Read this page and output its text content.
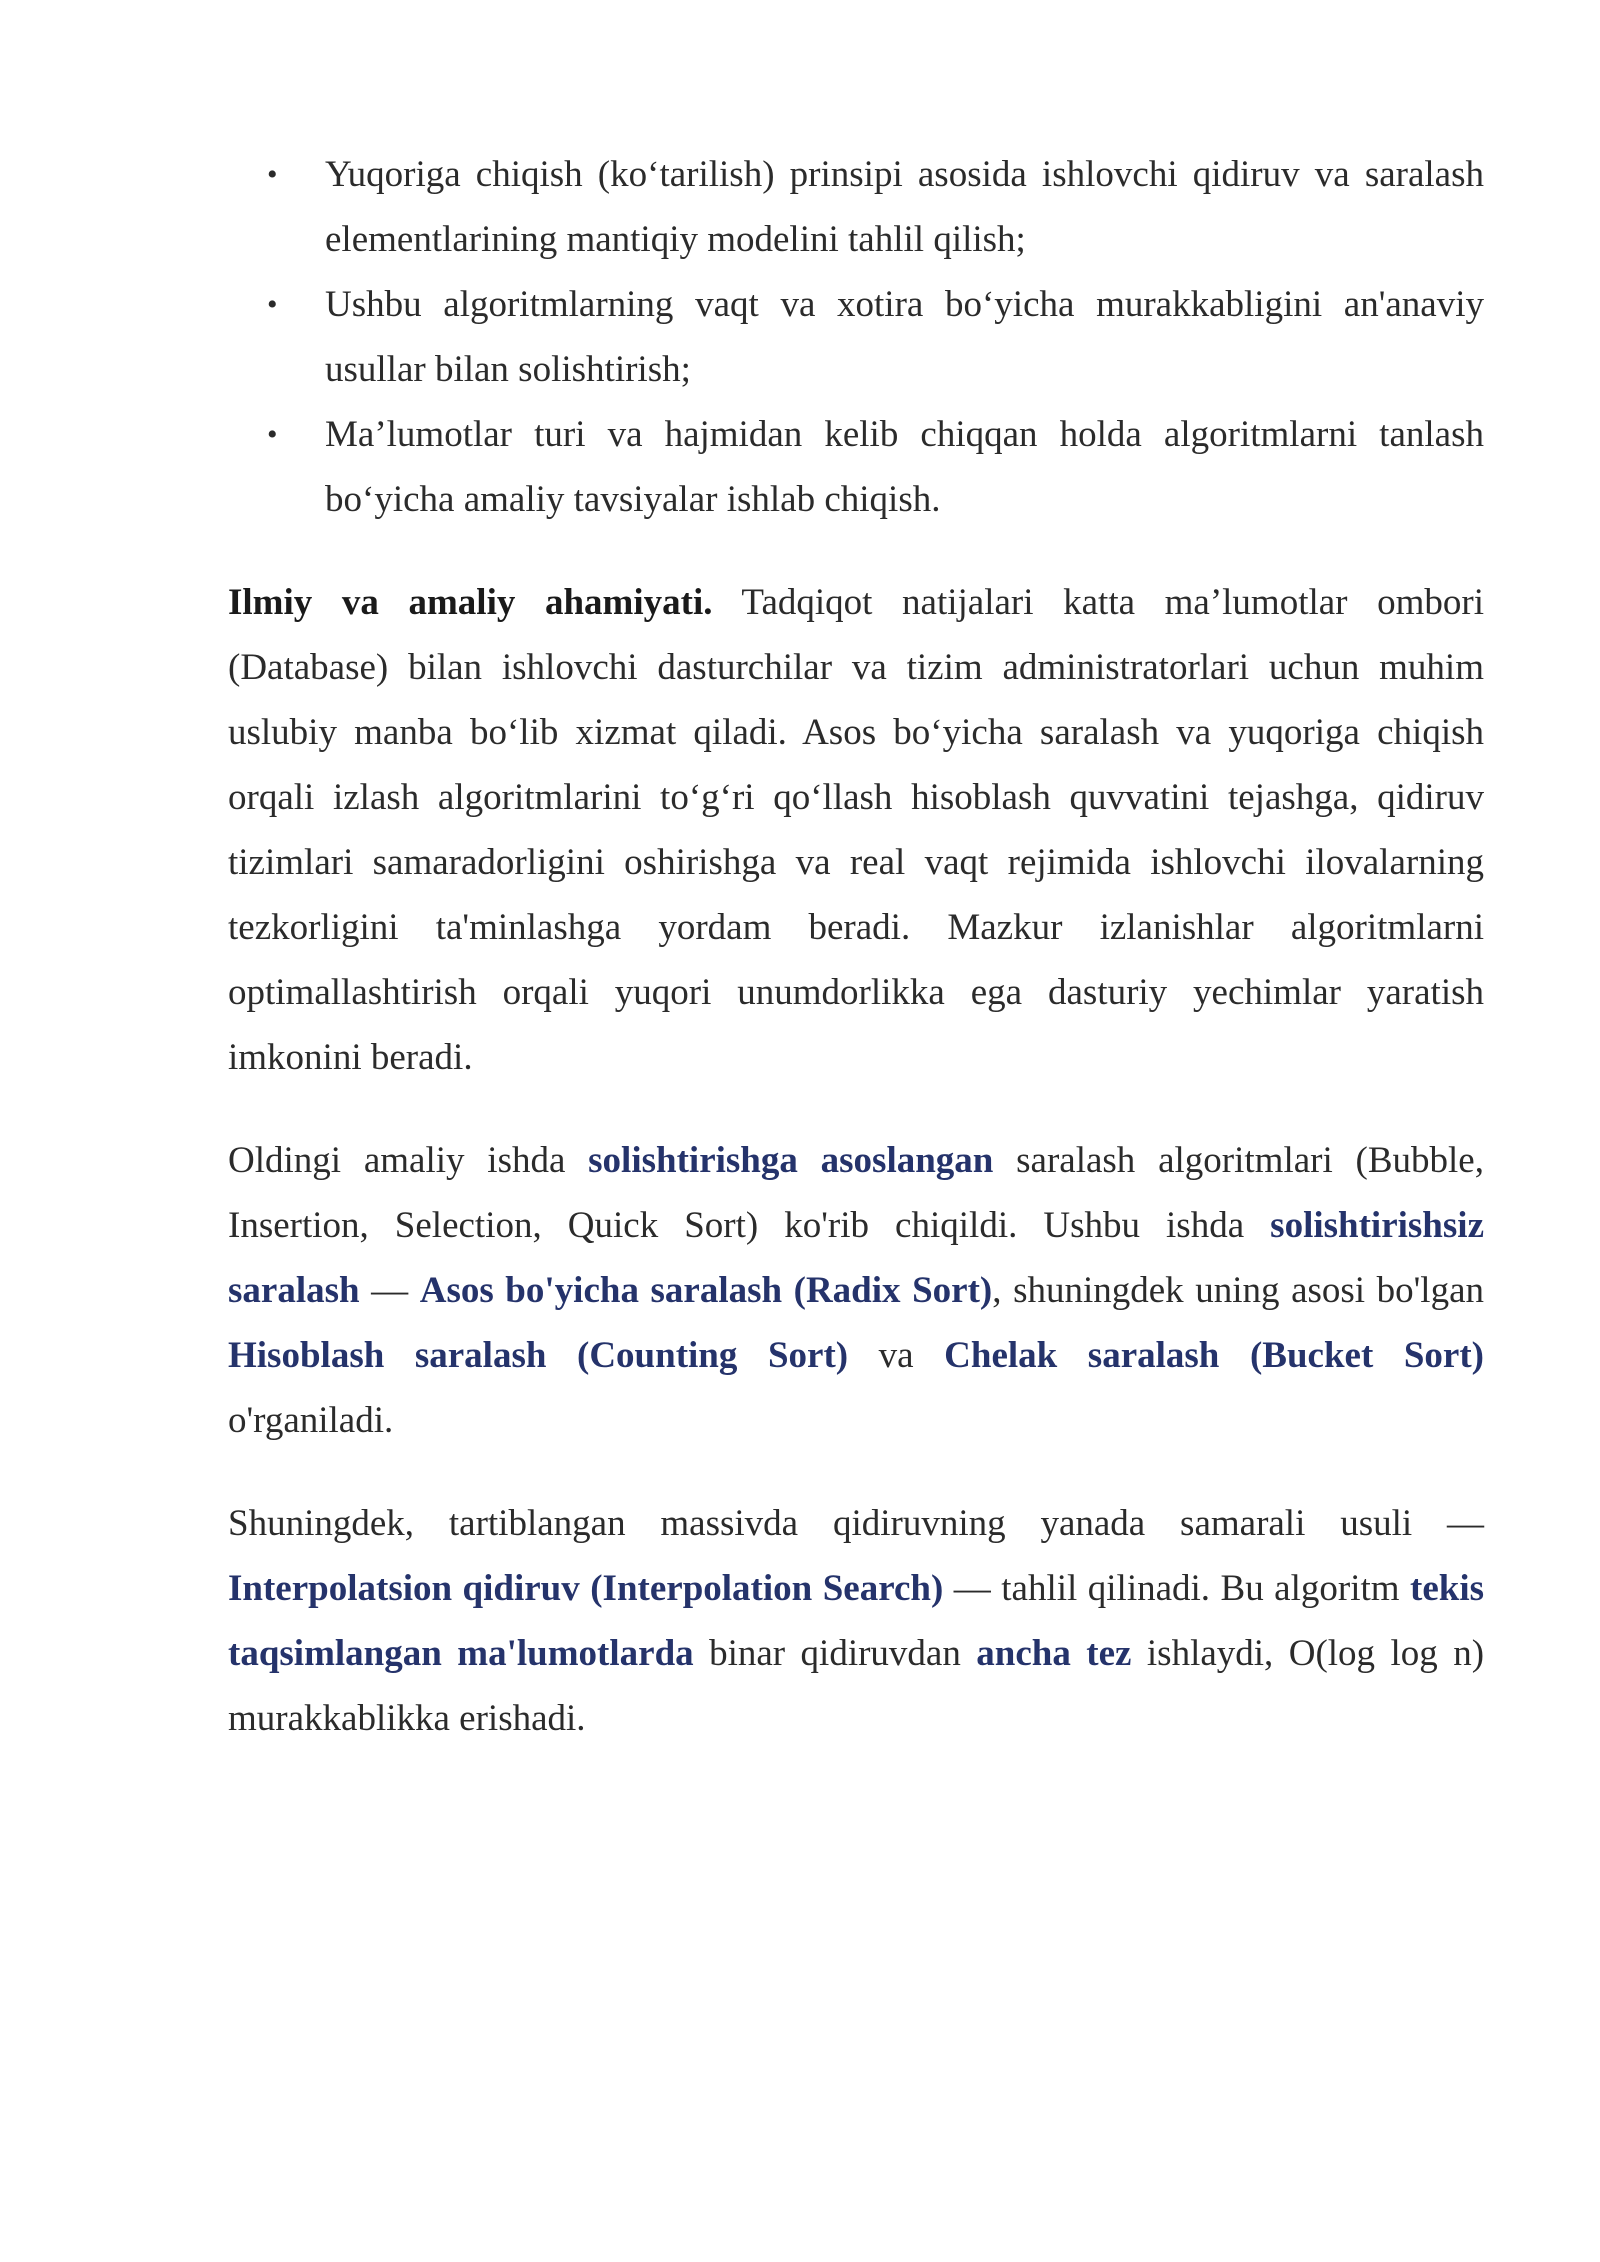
• Yuqoriga chiqish (ko‘tarilish) prinsipi asosida ishlovchi qidiruv va saralash elementlarining mantiqiy modelini tahlil qilish;
• Ushbu algoritmlarning vaqt va xotira bo‘yicha murakkabligini an'anaviy usullar bilan solishtirish;
• Ma’lumotlar turi va hajmidan kelib chiqqan holda algoritmlarni tanlash bo‘yicha amaliy tavsiyalar ishlab chiqish.

Ilmiy va amaliy ahamiyati. Tadqiqot natijalari katta ma’lumotlar ombori (Database) bilan ishlovchi dasturchilar va tizim administratorlari uchun muhim uslubiy manba bo‘lib xizmat qiladi. Asos bo‘yicha saralash va yuqoriga chiqish orqali izlash algoritmlarini to‘g‘ri qo‘llash hisoblash quvvatini tejashga, qidiruv tizimlari samaradorligini oshirishga va real vaqt rejimida ishlovchi ilovalarning tezkorligini ta'minlashga yordam beradi. Mazkur izlanishlar algoritmlarni optimallashtirish orqali yuqori unumdorlikka ega dasturiy yechimlar yaratish imkonini beradi.

Oldingi amaliy ishda solishtirishga asoslangan saralash algoritmlari (Bubble, Insertion, Selection, Quick Sort) ko'rib chiqildi. Ushbu ishda solishtirishsiz saralash — Asos bo'yicha saralash (Radix Sort), shuningdek uning asosi bo'lgan Hisoblash saralash (Counting Sort) va Chelak saralash (Bucket Sort) o'rganiladi.

Shuningdek, tartiblangan massivda qidiruvning yanada samarali usuli — Interpolatsion qidiruv (Interpolation Search) — tahlil qilinadi. Bu algoritm tekis taqsimlangan ma'lumotlarda binar qidiruvdan ancha tez ishlaydi, O(log log n) murakkablikka erishadi.
